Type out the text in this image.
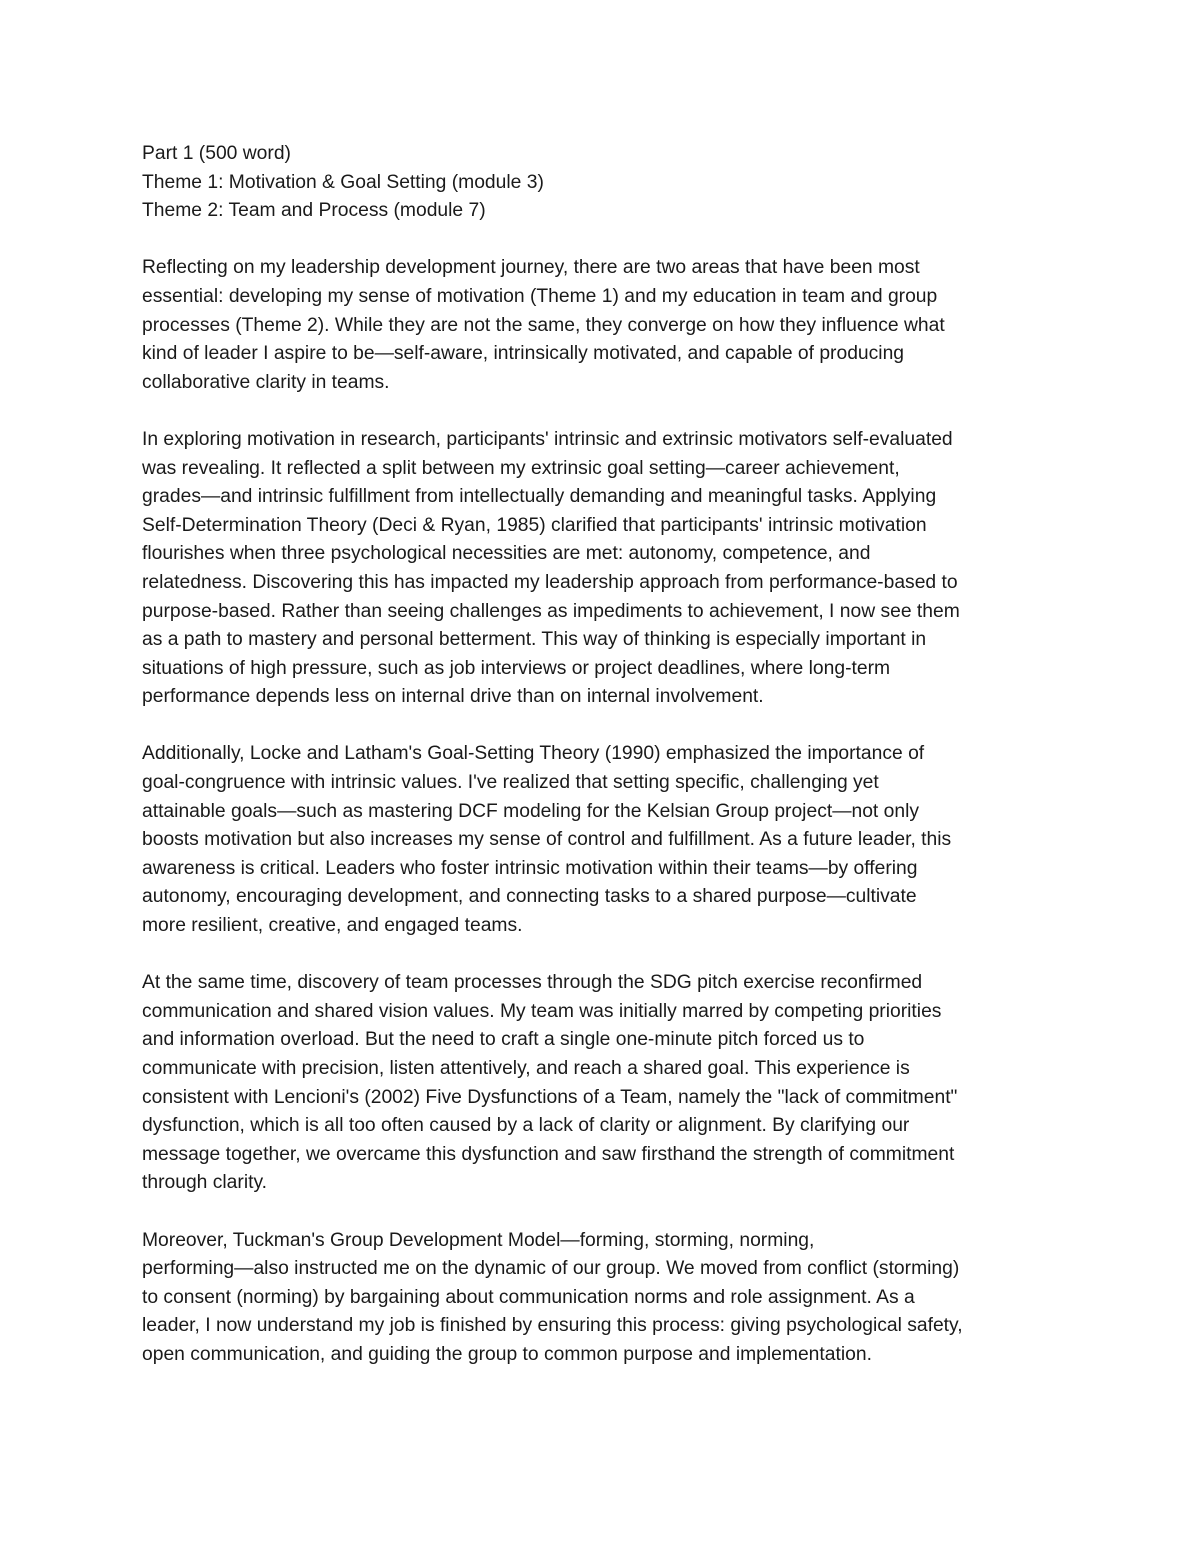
Part 1 (500 word)
Theme 1: Motivation & Goal Setting (module 3)
Theme 2: Team and Process (module 7)
Reflecting on my leadership development journey, there are two areas that have been most
essential: developing my sense of motivation (Theme 1) and my education in team and group
processes (Theme 2). While they are not the same, they converge on how they influence what
kind of leader I aspire to be—self-aware, intrinsically motivated, and capable of producing
collaborative clarity in teams.
In exploring motivation in research, participants' intrinsic and extrinsic motivators self-evaluated
was revealing. It reflected a split between my extrinsic goal setting—career achievement,
grades—and intrinsic fulfillment from intellectually demanding and meaningful tasks. Applying
Self-Determination Theory (Deci & Ryan, 1985) clarified that participants' intrinsic motivation
flourishes when three psychological necessities are met: autonomy, competence, and
relatedness. Discovering this has impacted my leadership approach from performance-based to
purpose-based. Rather than seeing challenges as impediments to achievement, I now see them
as a path to mastery and personal betterment. This way of thinking is especially important in
situations of high pressure, such as job interviews or project deadlines, where long-term
performance depends less on internal drive than on internal involvement.
Additionally, Locke and Latham's Goal-Setting Theory (1990) emphasized the importance of
goal-congruence with intrinsic values. I've realized that setting specific, challenging yet
attainable goals—such as mastering DCF modeling for the Kelsian Group project—not only
boosts motivation but also increases my sense of control and fulfillment. As a future leader, this
awareness is critical. Leaders who foster intrinsic motivation within their teams—by offering
autonomy, encouraging development, and connecting tasks to a shared purpose—cultivate
more resilient, creative, and engaged teams.
At the same time, discovery of team processes through the SDG pitch exercise reconfirmed
communication and shared vision values. My team was initially marred by competing priorities
and information overload. But the need to craft a single one-minute pitch forced us to
communicate with precision, listen attentively, and reach a shared goal. This experience is
consistent with Lencioni's (2002) Five Dysfunctions of a Team, namely the "lack of commitment"
dysfunction, which is all too often caused by a lack of clarity or alignment. By clarifying our
message together, we overcame this dysfunction and saw firsthand the strength of commitment
through clarity.
Moreover, Tuckman's Group Development Model—forming, storming, norming,
performing—also instructed me on the dynamic of our group. We moved from conflict (storming)
to consent (norming) by bargaining about communication norms and role assignment. As a
leader, I now understand my job is finished by ensuring this process: giving psychological safety,
open communication, and guiding the group to common purpose and implementation.
